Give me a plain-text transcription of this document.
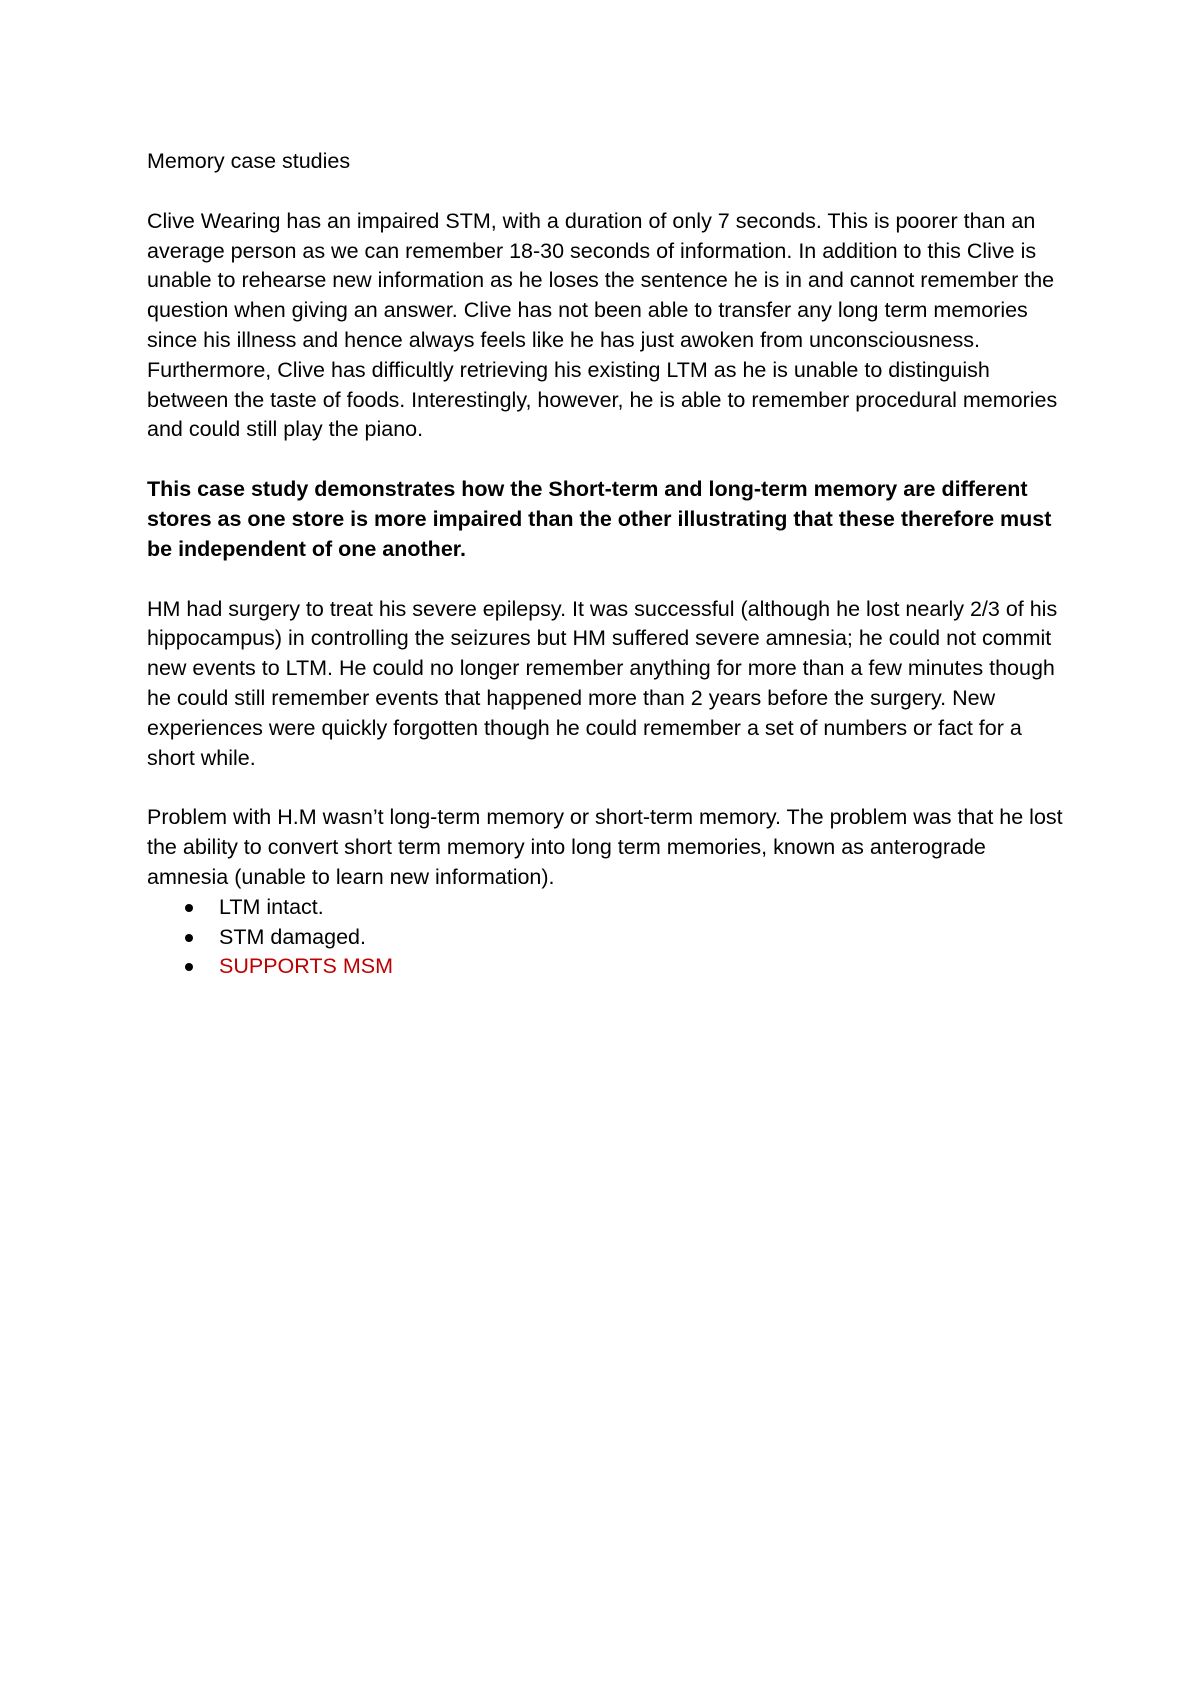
Memory case studies

Clive Wearing has an impaired STM, with a duration of only 7 seconds. This is poorer than an average person as we can remember 18-30 seconds of information. In addition to this Clive is unable to rehearse new information as he loses the sentence he is in and cannot remember the question when giving an answer. Clive has not been able to transfer any long term memories since his illness and hence always feels like he has just awoken from unconsciousness. Furthermore, Clive has difficultly retrieving his existing LTM as he is unable to distinguish between the taste of foods. Interestingly, however, he is able to remember procedural memories and could still play the piano.

This case study demonstrates how the Short-term and long-term memory are different stores as one store is more impaired than the other illustrating that these therefore must be independent of one another.

HM had surgery to treat his severe epilepsy. It was successful (although he lost nearly 2/3 of his hippocampus) in controlling the seizures but HM suffered severe amnesia; he could not commit new events to LTM. He could no longer remember anything for more than a few minutes though he could still remember events that happened more than 2 years before the surgery. New experiences were quickly forgotten though he could remember a set of numbers or fact for a short while.

Problem with H.M wasn’t long-term memory or short-term memory. The problem was that he lost the ability to convert short term memory into long term memories, known as anterograde amnesia (unable to learn new information).

LTM intact.
STM damaged.
SUPPORTS MSM
